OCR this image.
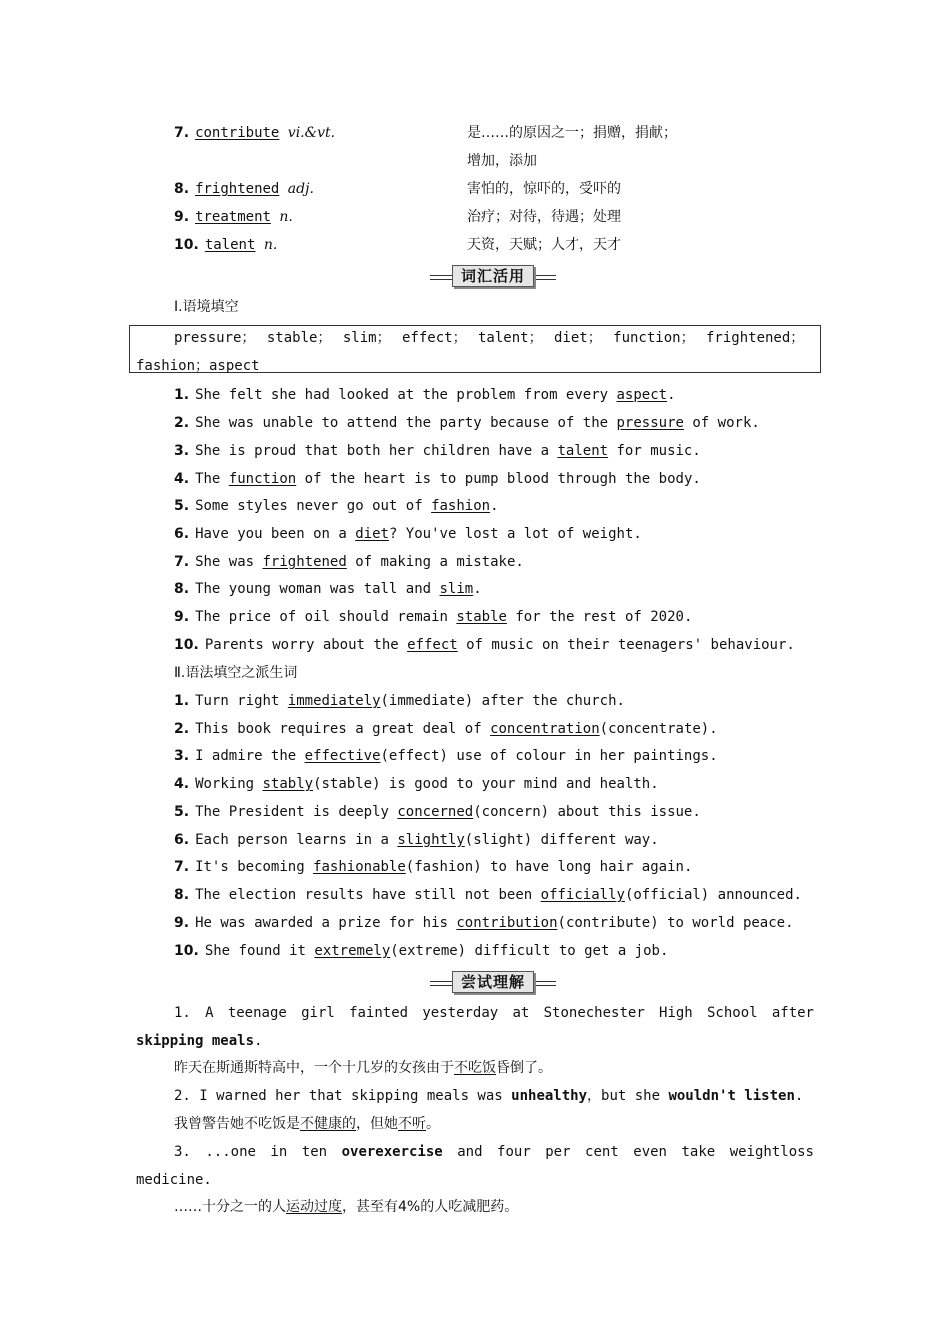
7. contribute vi.&vt.	是……的原因之一；捐赠，捐献；
增加，添加
8. frightened adj.	害怕的，惊吓的，受吓的
9. treatment n.	治疗；对待，待遇；处理
10. talent n.	天资，天赋；人才，天才
词汇活用
Ⅰ.语境填空
pressure； stable； slim； effect； talent； diet； function； frightened；
fashion；aspect
1. She felt she had looked at the problem from every aspect.
2. She was unable to attend the party because of the pressure of work.
3. She is proud that both her children have a talent for music.
4. The function of the heart is to pump blood through the body.
5. Some styles never go out of fashion.
6. Have you been on a diet? You've lost a lot of weight.
7. She was frightened of making a mistake.
8. The young woman was tall and slim.
9. The price of oil should remain stable for the rest of 2020.
10. Parents worry about the effect of music on their teenagers' behaviour.
Ⅱ.语法填空之派生词
1. Turn right immediately(immediate) after the church.
2. This book requires a great deal of concentration(concentrate).
3. I admire the effective(effect) use of colour in her paintings.
4. Working stably(stable) is good to your mind and health.
5. The President is deeply concerned(concern) about this issue.
6. Each person learns in a slightly(slight) different way.
7. It's becoming fashionable(fashion) to have long hair again.
8. The election results have still not been officially(official) announced.
9. He was awarded a prize for his contribution(contribute) to world peace.
10. She found it extremely(extreme) difficult to get a job.
尝试理解
1. A teenage girl fainted yesterday at Stonechester High School after
skipping meals.
昨天在斯通斯特高中，一个十几岁的女孩由于不吃饭昏倒了。
2. I warned her that skipping meals was unhealthy，but she wouldn't listen.
我曾警告她不吃饭是不健康的，但她不听。
3. ...one in ten overexercise and four per cent even take weightloss
medicine.
……十分之一的人运动过度，甚至有4%的人吃减肥药。
